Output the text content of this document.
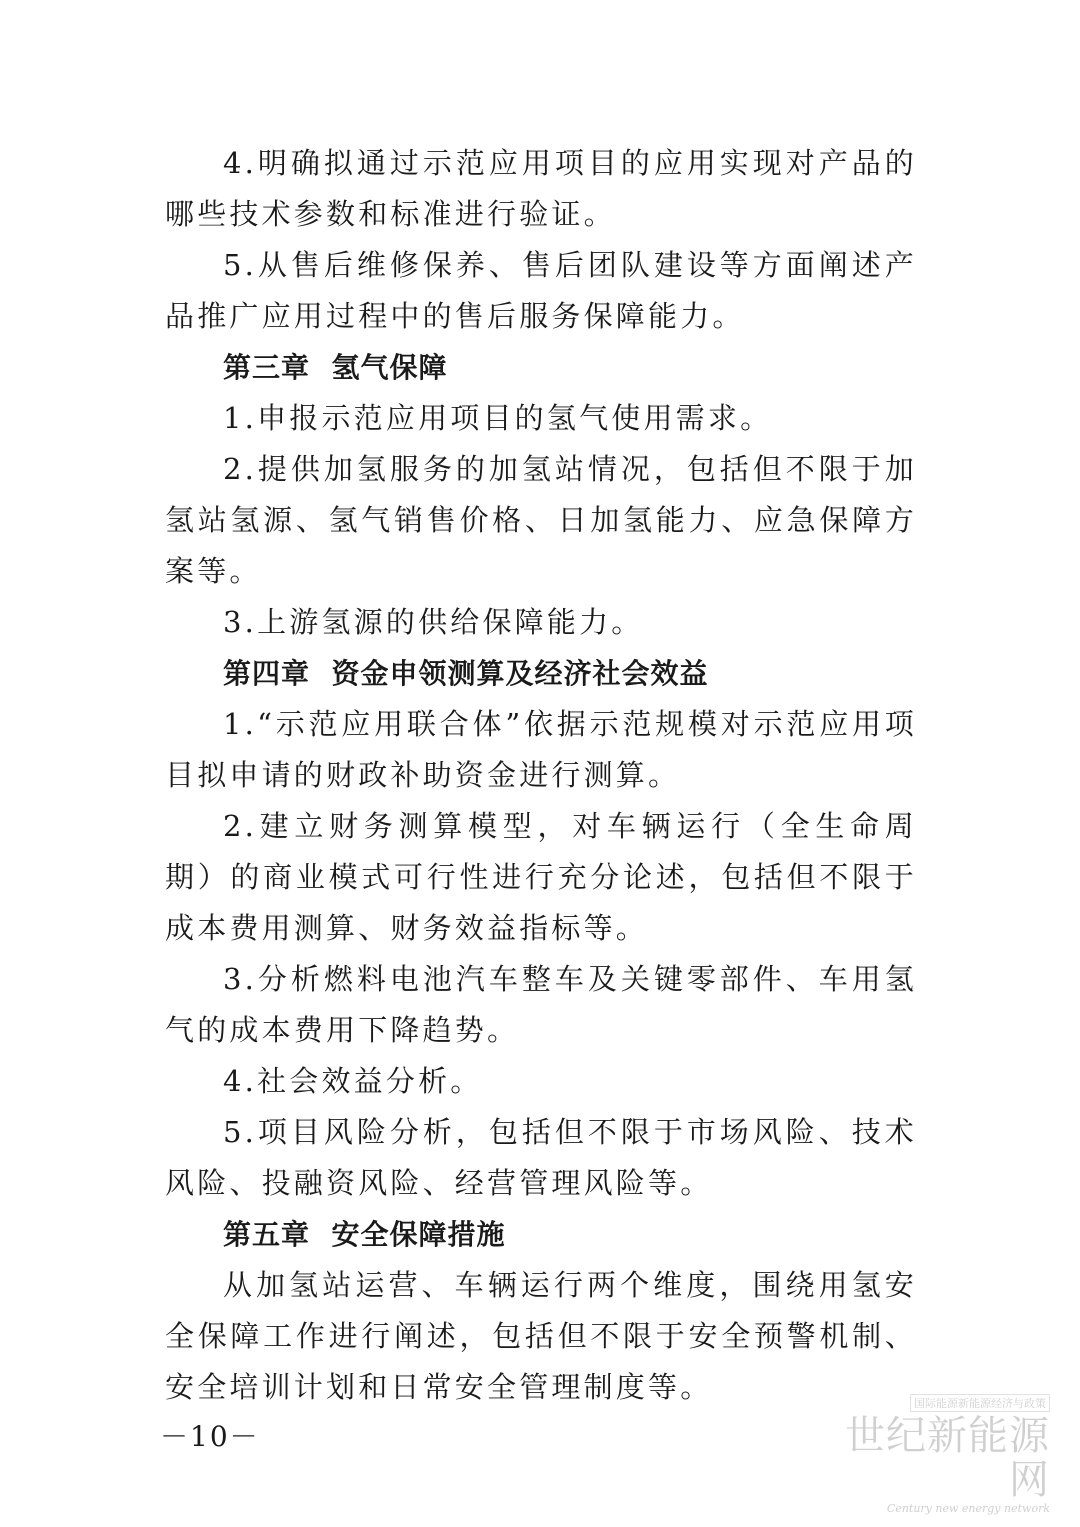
4.明确拟通过示范应用项目的应用实现对产品的哪些技术参数和标准进行验证。

5.从售后维修保养、售后团队建设等方面阐述产品推广应用过程中的售后服务保障能力。

第三章  氢气保障

1.申报示范应用项目的氢气使用需求。

2.提供加氢服务的加氢站情况，包括但不限于加氢站氢源、氢气销售价格、日加氢能力、应急保障方案等。

3.上游氢源的供给保障能力。

第四章  资金申领测算及经济社会效益

1.“示范应用联合体”依据示范规模对示范应用项目拟申请的财政补助资金进行测算。

2.建立财务测算模型，对车辆运行（全生命周期）的商业模式可行性进行充分论述，包括但不限于成本费用测算、财务效益指标等。

3.分析燃料电池汽车整车及关键零部件、车用氢气的成本费用下降趋势。

4.社会效益分析。

5.项目风险分析，包括但不限于市场风险、技术风险、投融资风险、经营管理风险等。

第五章  安全保障措施

从加氢站运营、车辆运行两个维度，围绕用氢安全保障工作进行阐述，包括但不限于安全预警机制、安全培训计划和日常安全管理制度等。

－10－
国际能源新能源经济与政策
世纪新能源网
Century new energy network
